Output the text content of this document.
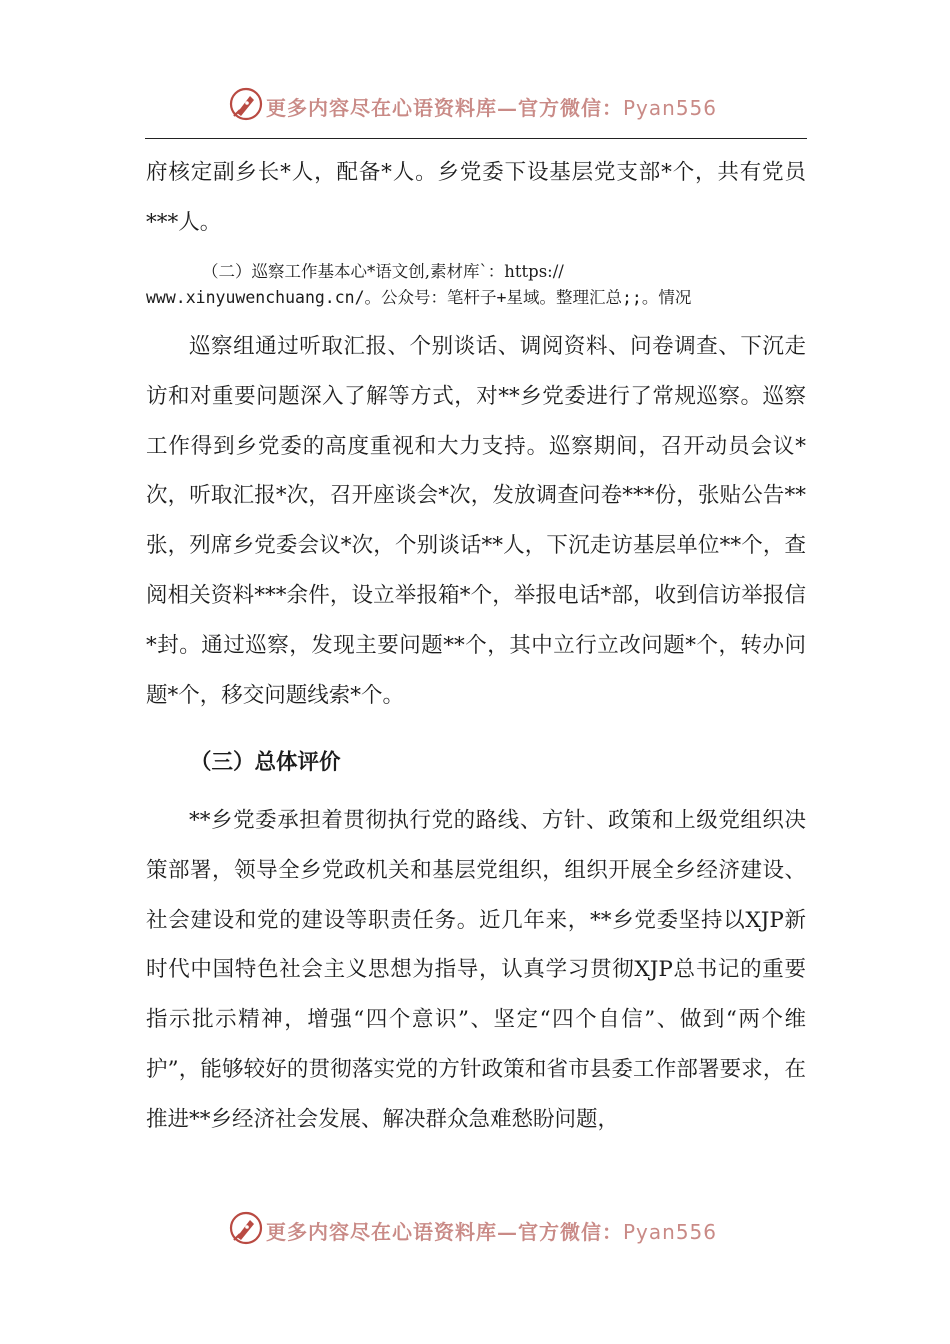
更多内容尽在心语资料库—官方微信：Pyan556

府核定副乡长*人，配备*人。乡党委下设基层党支部*个，共有党员***人。

（二）巡察工作基本心*语文创,素材库`：https://
www.xinyuwenchuang.cn/。公众号：笔杆子+星域。整理汇总;;。情况

巡察组通过听取汇报、个别谈话、调阅资料、问卷调查、下沉走访和对重要问题深入了解等方式，对**乡党委进行了常规巡察。巡察工作得到乡党委的高度重视和大力支持。巡察期间，召开动员会议*次，听取汇报*次，召开座谈会*次，发放调查问卷***份，张贴公告**张，列席乡党委会议*次，个别谈话**人，下沉走访基层单位**个，查阅相关资料***余件，设立举报箱*个，举报电话*部，收到信访举报信*封。通过巡察，发现主要问题**个，其中立行立改问题*个，转办问题*个，移交问题线索*个。

（三）总体评价

**乡党委承担着贯彻执行党的路线、方针、政策和上级党组织决策部署，领导全乡党政机关和基层党组织，组织开展全乡经济建设、社会建设和党的建设等职责任务。近几年来，**乡党委坚持以XJP新时代中国特色社会主义思想为指导，认真学习贯彻XJP总书记的重要指示批示精神，增强“四个意识”、坚定“四个自信”、做到“两个维护”，能够较好的贯彻落实党的方针政策和省市县委工作部署要求，在推进**乡经济社会发展、解决群众急难愁盼问题，

更多内容尽在心语资料库—官方微信：Pyan556
